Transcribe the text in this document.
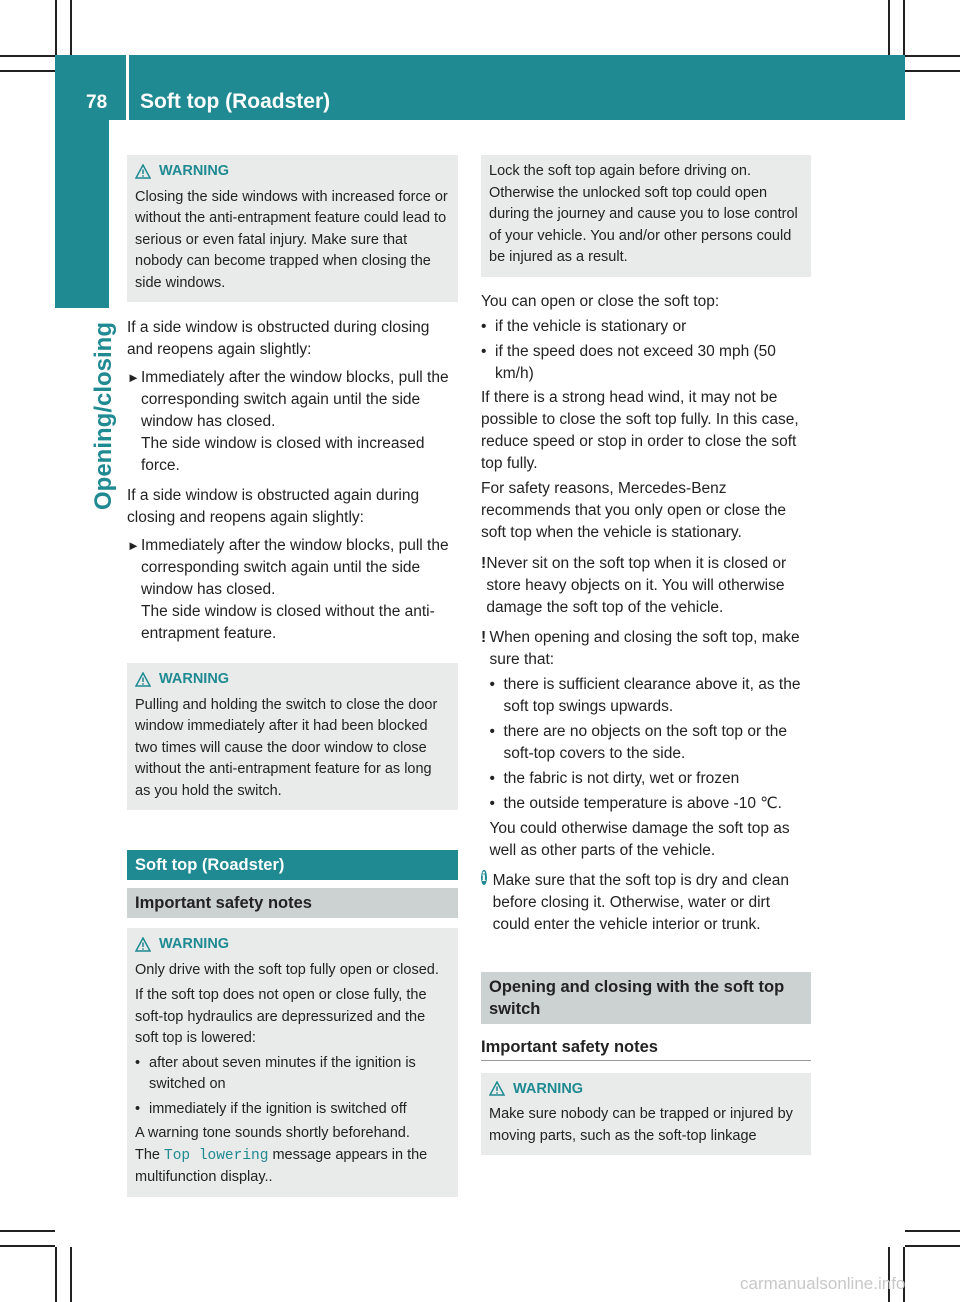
78 Soft top (Roadster)
Opening/closing
WARNING

Closing the side windows with increased force or without the anti-entrapment feature could lead to serious or even fatal injury. Make sure that nobody can become trapped when closing the side windows.

If a side window is obstructed during closing and reopens again slightly:

► Immediately after the window blocks, pull the corresponding switch again until the side window has closed.

The side window is closed with increased force.

If a side window is obstructed again during closing and reopens again slightly:

► Immediately after the window blocks, pull the corresponding switch again until the side window has closed.

The side window is closed without the anti-entrapment feature.

WARNING

Pulling and holding the switch to close the door window immediately after it had been blocked two times will cause the door window to close without the anti-entrapment feature for as long as you hold the switch.

Soft top (Roadster)
Important safety notes
WARNING

Only drive with the soft top fully open or closed.

If the soft top does not open or close fully, the soft-top hydraulics are depressurized and the soft top is lowered:

• after about seven minutes if the ignition is switched on
• immediately if the ignition is switched off

A warning tone sounds shortly beforehand.

The Top lowering message appears in the multifunction display..

Lock the soft top again before driving on. Otherwise the unlocked soft top could open during the journey and cause you to lose control of your vehicle. You and/or other persons could be injured as a result.

You can open or close the soft top:

• if the vehicle is stationary or
• if the speed does not exceed 30 mph (50 km/h)

If there is a strong head wind, it may not be possible to close the soft top fully. In this case, reduce speed or stop in order to close the soft top fully.

For safety reasons, Mercedes-Benz recommends that you only open or close the soft top when the vehicle is stationary.

! Never sit on the soft top when it is closed or store heavy objects on it. You will otherwise damage the soft top of the vehicle.

! When opening and closing the soft top, make sure that:

• there is sufficient clearance above it, as the soft top swings upwards.
• there are no objects on the soft top or the soft-top covers to the side.
• the fabric is not dirty, wet or frozen
• the outside temperature is above -10 ℃.

You could otherwise damage the soft top as well as other parts of the vehicle.

i Make sure that the soft top is dry and clean before closing it. Otherwise, water or dirt could enter the vehicle interior or trunk.

Opening and closing with the soft top switch
Important safety notes
WARNING

Make sure nobody can be trapped or injured by moving parts, such as the soft-top linkage

carmanualsonline.info
